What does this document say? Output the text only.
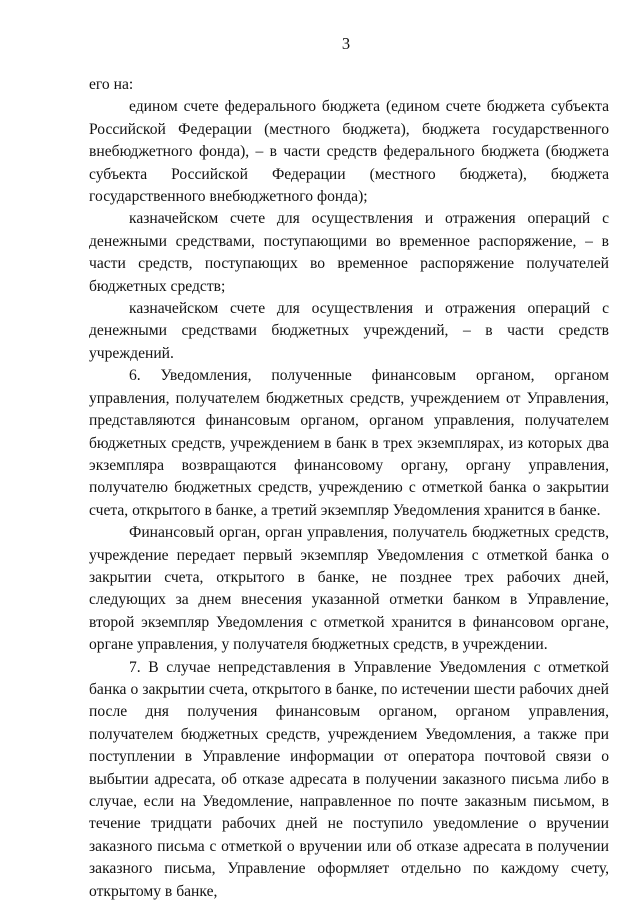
3

его на:

едином счете федерального бюджета (едином счете бюджета субъекта Российской Федерации (местного бюджета), бюджета государственного внебюджетного фонда), – в части средств федерального бюджета (бюджета субъекта Российской Федерации (местного бюджета), бюджета государственного внебюджетного фонда);

казначейском счете для осуществления и отражения операций с денежными средствами, поступающими во временное распоряжение, – в части средств, поступающих во временное распоряжение получателей бюджетных средств;

казначейском счете для осуществления и отражения операций с денежными средствами бюджетных учреждений, – в части средств учреждений.

6. Уведомления, полученные финансовым органом, органом управления, получателем бюджетных средств, учреждением от Управления, представляются финансовым органом, органом управления, получателем бюджетных средств, учреждением в банк в трех экземплярах, из которых два экземпляра возвращаются финансовому органу, органу управления, получателю бюджетных средств, учреждению с отметкой банка о закрытии счета, открытого в банке, а третий экземпляр Уведомления хранится в банке.

Финансовый орган, орган управления, получатель бюджетных средств, учреждение передает первый экземпляр Уведомления с отметкой банка о закрытии счета, открытого в банке, не позднее трех рабочих дней, следующих за днем внесения указанной отметки банком в Управление, второй экземпляр Уведомления с отметкой хранится в финансовом органе, органе управления, у получателя бюджетных средств, в учреждении.

7. В случае непредставления в Управление Уведомления с отметкой банка о закрытии счета, открытого в банке, по истечении шести рабочих дней после дня получения финансовым органом, органом управления, получателем бюджетных средств, учреждением Уведомления, а также при поступлении в Управление информации от оператора почтовой связи о выбытии адресата, об отказе адресата в получении заказного письма либо в случае, если на Уведомление, направленное по почте заказным письмом, в течение тридцати рабочих дней не поступило уведомление о вручении заказного письма с отметкой о вручении или об отказе адресата в получении заказного письма, Управление оформляет отдельно по каждому счету, открытому в банке,
